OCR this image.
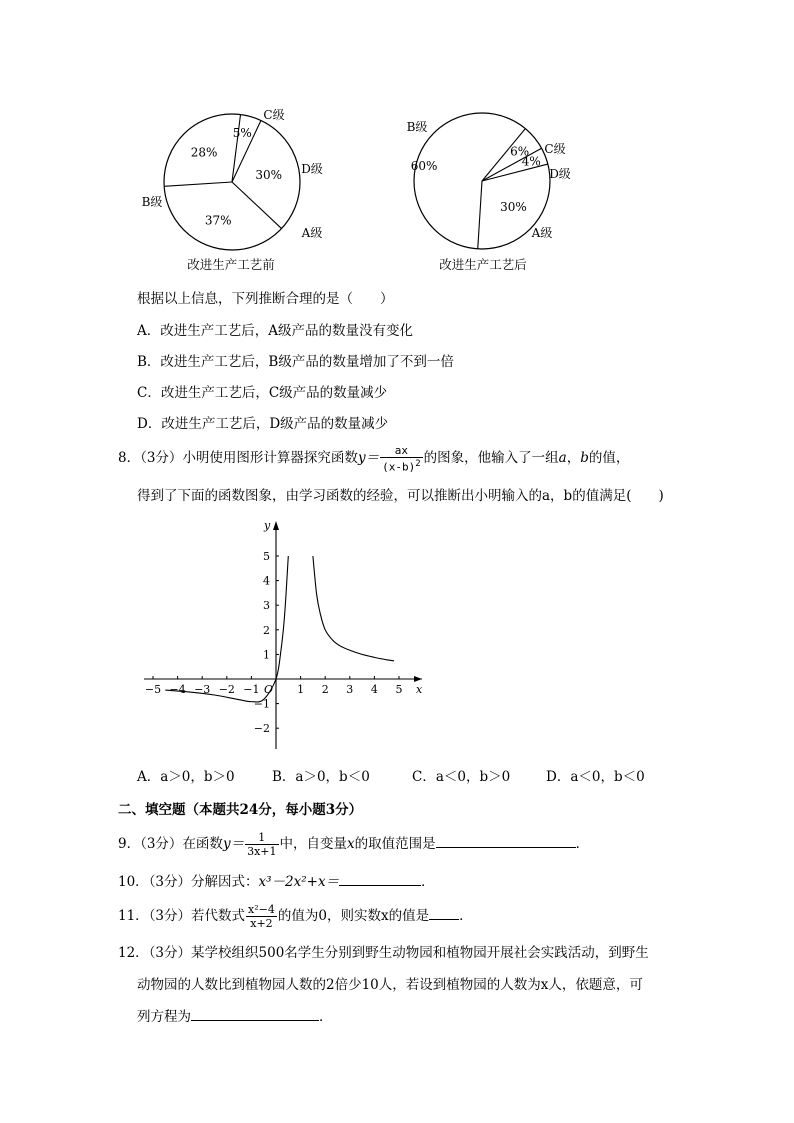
30%
A级
37%
B级
28%
C级
5%
D级
改进生产工艺前
30%
A级
60%
B级
6% C级
4%
D级
改进生产工艺后
根据以上信息，下列推断合理的是（　　）
A．改进生产工艺后，A级产品的数量没有变化
B．改进生产工艺后，B级产品的数量增加了不到一倍
C．改进生产工艺后，C级产品的数量减少
D．改进生产工艺后，D级产品的数量减少
8．（3分）小明使用图形计算器探究函数$y= \frac{ax}{(x-b)^2}$ 的图象，他输入了一组a，b的值，
得到了下面的函数图象，由学习函数的经验，可以推断出小明输入的a，b的值满足(　　)
x
y
O
−5 −4 −3 −2 −1	1 2 3 4 5
−2
−1
1
2
3
4
5
A．a＞0，b＞0	B．a＞0，b＜0	C．a＜0，b＞0	D．a＜0，b＜0
二、填空题（本题共24分，每小题3分）
9．（3分）在函数$y= \frac{1}{3x+1}$ 中，自变量x的取值范围是	．
10．（3分）分解因式：x³－2x²+x＝	．
11．（3分）若代数式 $\frac{\text{x²−4}}{x+2}$ 的值为0，则实数x的值是 ．
12．（3分）某学校组织500名学生分别到野生动物园和植物园开展社会实践活动，到野生
动物园的人数比到植物园人数的2倍少10人，若设到植物园的人数为x人，依题意，可
列方程为	．
